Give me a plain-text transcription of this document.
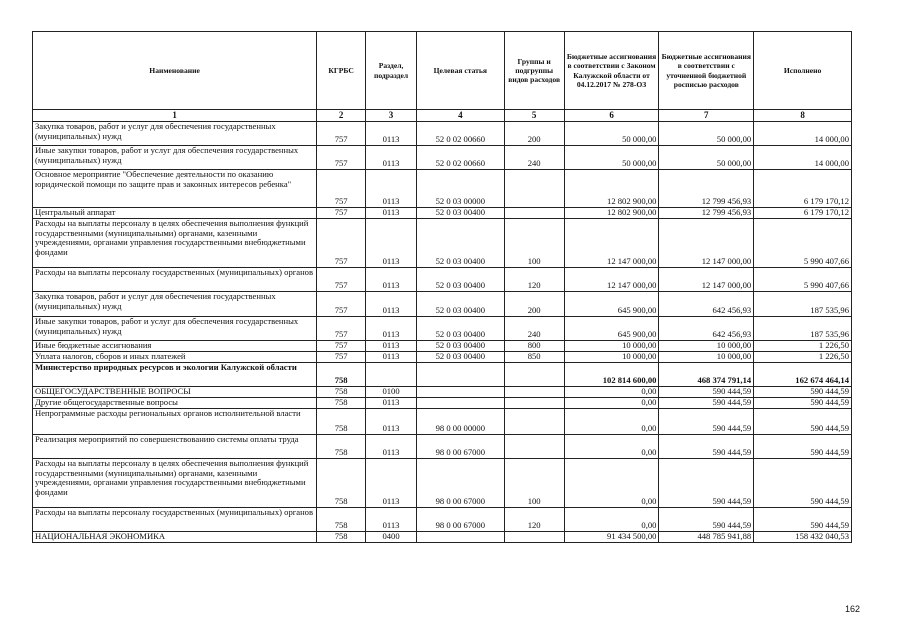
Наименование	КГРБС	Раздел, подраздел	Целевая статья	Группы и подгруппы видов расходов	Бюджетные ассигнования в соответствии с Законом Калужской области от 04.12.2017 № 278-ОЗ	Бюджетные ассигнования в соответствии с уточненной бюджетной росписью расходов	Исполнено
1	2	3	4	5	6	7	8
Закупка товаров, работ и услуг для обеспечения государственных (муниципальных) нужд	757	0113	52 0 02 00660	200	50 000,00	50 000,00	14 000,00
Иные закупки товаров, работ и услуг для обеспечения государственных (муниципальных) нужд	757	0113	52 0 02 00660	240	50 000,00	50 000,00	14 000,00
Основное мероприятие "Обеспечение деятельности по оказанию юридической помощи по защите прав и законных интересов ребенка"	757	0113	52 0 03 00000		12 802 900,00	12 799 456,93	6 179 170,12
Центральный аппарат	757	0113	52 0 03 00400		12 802 900,00	12 799 456,93	6 179 170,12
Расходы на выплаты персоналу в целях обеспечения выполнения функций государственными (муниципальными) органами, казенными учреждениями, органами управления государственными внебюджетными фондами	757	0113	52 0 03 00400	100	12 147 000,00	12 147 000,00	5 990 407,66
Расходы на выплаты персоналу государственных (муниципальных) органов	757	0113	52 0 03 00400	120	12 147 000,00	12 147 000,00	5 990 407,66
Закупка товаров, работ и услуг для обеспечения государственных (муниципальных) нужд	757	0113	52 0 03 00400	200	645 900,00	642 456,93	187 535,96
Иные закупки товаров, работ и услуг для обеспечения государственных (муниципальных) нужд	757	0113	52 0 03 00400	240	645 900,00	642 456,93	187 535,96
Иные бюджетные ассигнования	757	0113	52 0 03 00400	800	10 000,00	10 000,00	1 226,50
Уплата налогов, сборов и иных платежей	757	0113	52 0 03 00400	850	10 000,00	10 000,00	1 226,50
Министерство природных ресурсов и экологии Калужской области	758				102 814 600,00	468 374 791,14	162 674 464,14
ОБЩЕГОСУДАРСТВЕННЫЕ ВОПРОСЫ	758	0100			0,00	590 444,59	590 444,59
Другие общегосударственные вопросы	758	0113			0,00	590 444,59	590 444,59
Непрограммные расходы региональных органов исполнительной власти	758	0113	98 0 00 00000		0,00	590 444,59	590 444,59
Реализация мероприятий по совершенствованию системы оплаты труда	758	0113	98 0 00 67000		0,00	590 444,59	590 444,59
Расходы на выплаты персоналу в целях обеспечения выполнения функций государственными (муниципальными) органами, казенными учреждениями, органами управления государственными внебюджетными фондами	758	0113	98 0 00 67000	100	0,00	590 444,59	590 444,59
Расходы на выплаты персоналу государственных (муниципальных) органов	758	0113	98 0 00 67000	120	0,00	590 444,59	590 444,59
НАЦИОНАЛЬНАЯ ЭКОНОМИКА	758	0400			91 434 500,00	448 785 941,88	158 432 040,53
162
